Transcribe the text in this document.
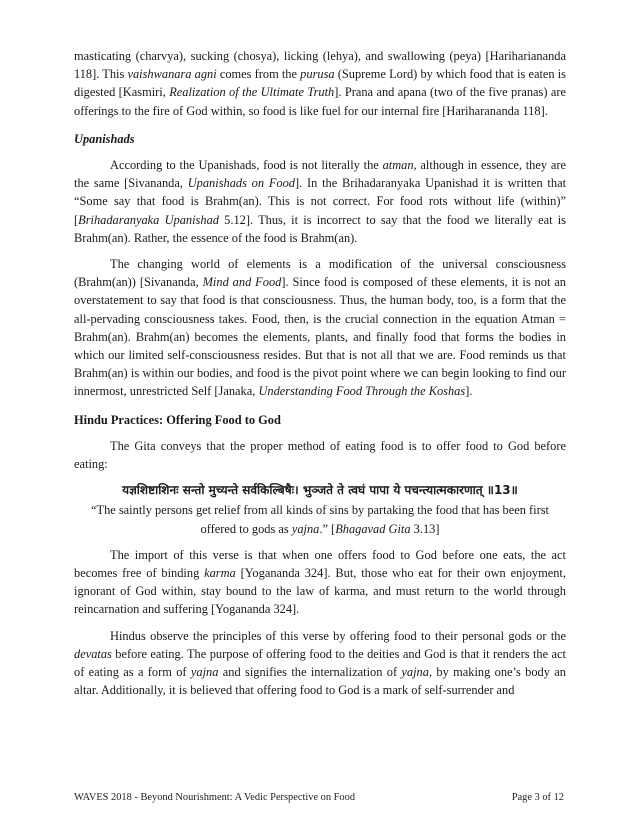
masticating (charvya), sucking (chosya), licking (lehya), and swallowing (peya) [Harihariananda 118]. This vaishwanara agni comes from the purusa (Supreme Lord) by which food that is eaten is digested [Kasmiri, Realization of the Ultimate Truth]. Prana and apana (two of the five pranas) are offerings to the fire of God within, so food is like fuel for our internal fire [Hariharananda 118].

Upanishads

According to the Upanishads, food is not literally the atman, although in essence, they are the same [Sivananda, Upanishads on Food]. In the Brihadaranyaka Upanishad it is written that “Some say that food is Brahm(an). This is not correct. For food rots without life (within)” [Brihadaranyaka Upanishad 5.12]. Thus, it is incorrect to say that the food we literally eat is Brahm(an). Rather, the essence of the food is Brahm(an).

The changing world of elements is a modification of the universal consciousness (Brahm(an)) [Sivananda, Mind and Food]. Since food is composed of these elements, it is not an overstatement to say that food is that consciousness. Thus, the human body, too, is a form that the all-pervading consciousness takes. Food, then, is the crucial connection in the equation Atman = Brahm(an). Brahm(an) becomes the elements, plants, and finally food that forms the bodies in which our limited self-consciousness resides. But that is not all that we are. Food reminds us that Brahm(an) is within our bodies, and food is the pivot point where we can begin looking to find our innermost, unrestricted Self [Janaka, Understanding Food Through the Koshas].

Hindu Practices: Offering Food to God

The Gita conveys that the proper method of eating food is to offer food to God before eating:

यज्ञशिष्टाशिनः सन्तो मुच्यन्ते सर्वकिल्बिषैः। भुञ्जते ते त्वघं पापा ये पचन्त्यात्मकारणात् ॥13॥

“The saintly persons get relief from all kinds of sins by partaking the food that has been first offered to gods as yajna.” [Bhagavad Gita 3.13]

The import of this verse is that when one offers food to God before one eats, the act becomes free of binding karma [Yogananda 324]. But, those who eat for their own enjoyment, ignorant of God within, stay bound to the law of karma, and must return to the world through reincarnation and suffering [Yogananda 324].

Hindus observe the principles of this verse by offering food to their personal gods or the devatas before eating. The purpose of offering food to the deities and God is that it renders the act of eating as a form of yajna and signifies the internalization of yajna, by making one’s body an altar. Additionally, it is believed that offering food to God is a mark of self-surrender and

WAVES 2018 - Beyond Nourishment: A Vedic Perspective on Food	Page 3 of 12
